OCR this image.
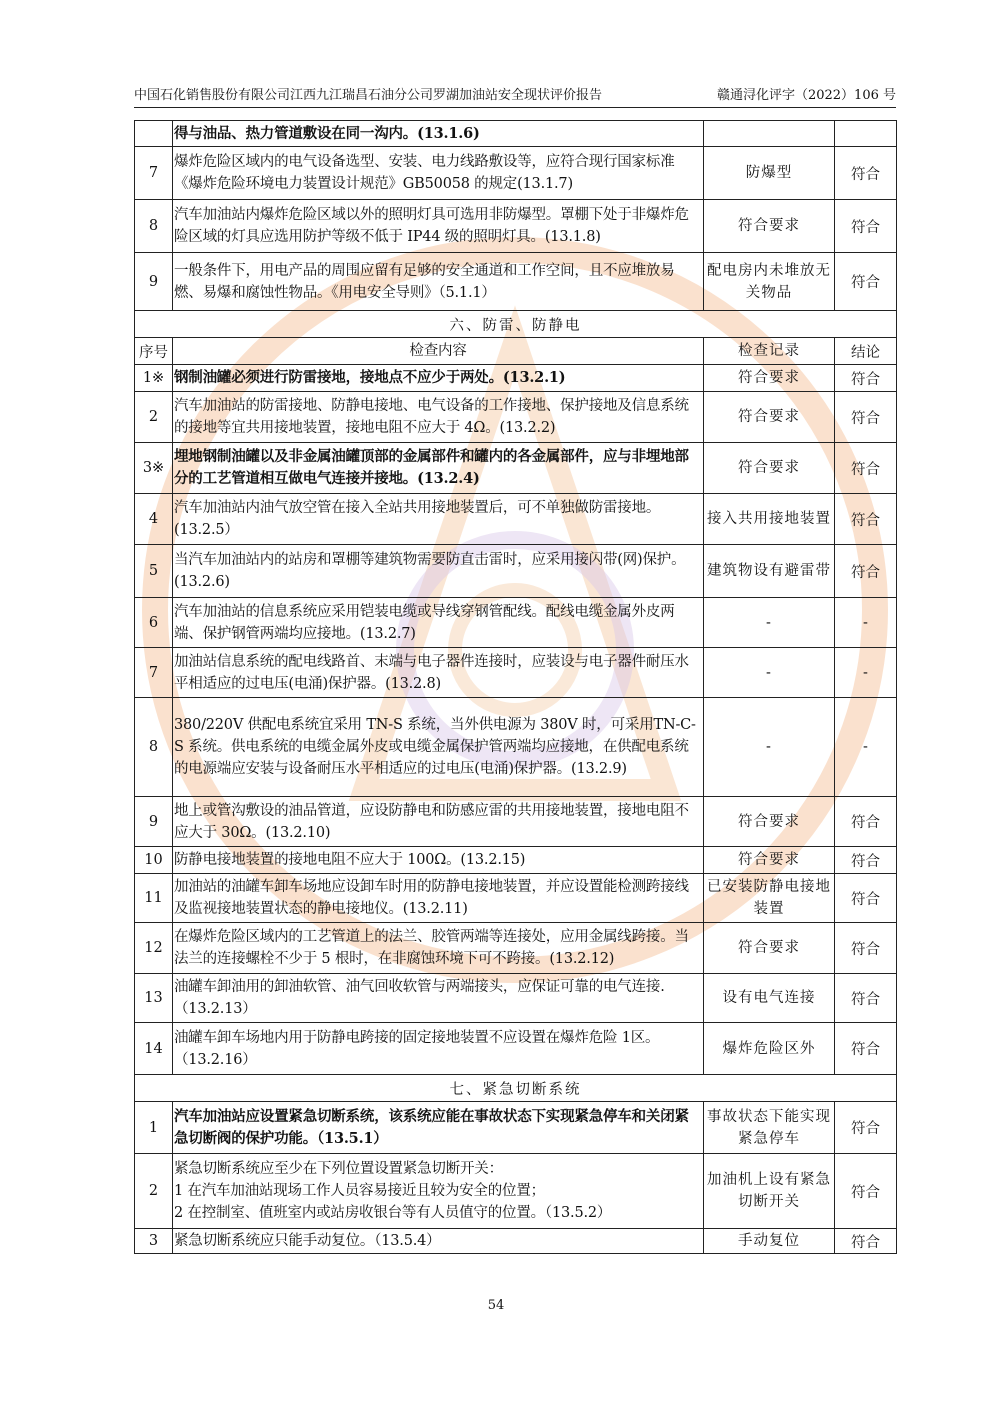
中国石化销售股份有限公司江西九江瑞昌石油分公司罗湖加油站安全现状评价报告	赣通浔化评字（2022）106 号
	得与油品、热力管道敷设在同一沟内。(13.1.6)		
7	爆炸危险区域内的电气设备选型、安装、电力线路敷设等，应符合现行国家标准《爆炸危险环境电力装置设计规范》GB50058 的规定(13.1.7)	防爆型	符合
8	汽车加油站内爆炸危险区域以外的照明灯具可选用非防爆型。罩棚下处于非爆炸危险区域的灯具应选用防护等级不低于 IP44 级的照明灯具。(13.1.8)	符合要求	符合
9	一般条件下，用电产品的周围应留有足够的安全通道和工作空间，且不应堆放易燃、易爆和腐蚀性物品。《用电安全导则》（5.1.1）	配电房内未堆放无关物品	符合
六、防雷、防静电			
序号	检查内容	检查记录	结论
1※	钢制油罐必须进行防雷接地，接地点不应少于两处。(13.2.1)	符合要求	符合
2	汽车加油站的防雷接地、防静电接地、电气设备的工作接地、保护接地及信息系统的接地等宜共用接地装置，接地电阻不应大于 4Ω。(13.2.2)	符合要求	符合
3※	埋地钢制油罐以及非金属油罐顶部的金属部件和罐内的各金属部件，应与非埋地部分的工艺管道相互做电气连接并接地。(13.2.4)	符合要求	符合
4	汽车加油站内油气放空管在接入全站共用接地装置后，可不单独做防雷接地。(13.2.5）	接入共用接地装置	符合
5	当汽车加油站内的站房和罩棚等建筑物需要防直击雷时，应采用接闪带(网)保护。(13.2.6)	建筑物设有避雷带	符合
6	汽车加油站的信息系统应采用铠装电缆或导线穿钢管配线。配线电缆金属外皮两端、保护钢管两端均应接地。(13.2.7)	-	-
7	加油站信息系统的配电线路首、末端与电子器件连接时，应装设与电子器件耐压水平相适应的过电压(电涌)保护器。(13.2.8)	-	-
8	380/220V 供配电系统宜采用 TN-S 系统，当外供电源为 380V 时，可采用TN-C-S 系统。供电系统的电缆金属外皮或电缆金属保护管两端均应接地，在供配电系统的电源端应安装与设备耐压水平相适应的过电压(电涌)保护器。(13.2.9)	-	-
9	地上或管沟敷设的油品管道，应设防静电和防感应雷的共用接地装置，接地电阻不应大于 30Ω。(13.2.10)	符合要求	符合
10	防静电接地装置的接地电阻不应大于 100Ω。(13.2.15)	符合要求	符合
11	加油站的油罐车卸车场地应设卸车时用的防静电接地装置，并应设置能检测跨接线及监视接地装置状态的静电接地仪。(13.2.11)	已安装防静电接地装置	符合
12	在爆炸危险区域内的工艺管道上的法兰、胶管两端等连接处，应用金属线跨接。当法兰的连接螺栓不少于 5 根时，在非腐蚀环境下可不跨接。(13.2.12)	符合要求	符合
13	油罐车卸油用的卸油软管、油气回收软管与两端接头，应保证可靠的电气连接.（13.2.13）	设有电气连接	符合
14	油罐车卸车场地内用于防静电跨接的固定接地装置不应设置在爆炸危险 1区。（13.2.16）	爆炸危险区外	符合
七、紧急切断系统			
1	汽车加油站应设置紧急切断系统，该系统应能在事故状态下实现紧急停车和关闭紧急切断阀的保护功能。（13.5.1）	事故状态下能实现紧急停车	符合
2	紧急切断系统应至少在下列位置设置紧急切断开关：
1 在汽车加油站现场工作人员容易接近且较为安全的位置；
2 在控制室、值班室内或站房收银台等有人员值守的位置。（13.5.2）	加油机上设有紧急切断开关	符合
3	紧急切断系统应只能手动复位。（13.5.4）	手动复位	符合
54
